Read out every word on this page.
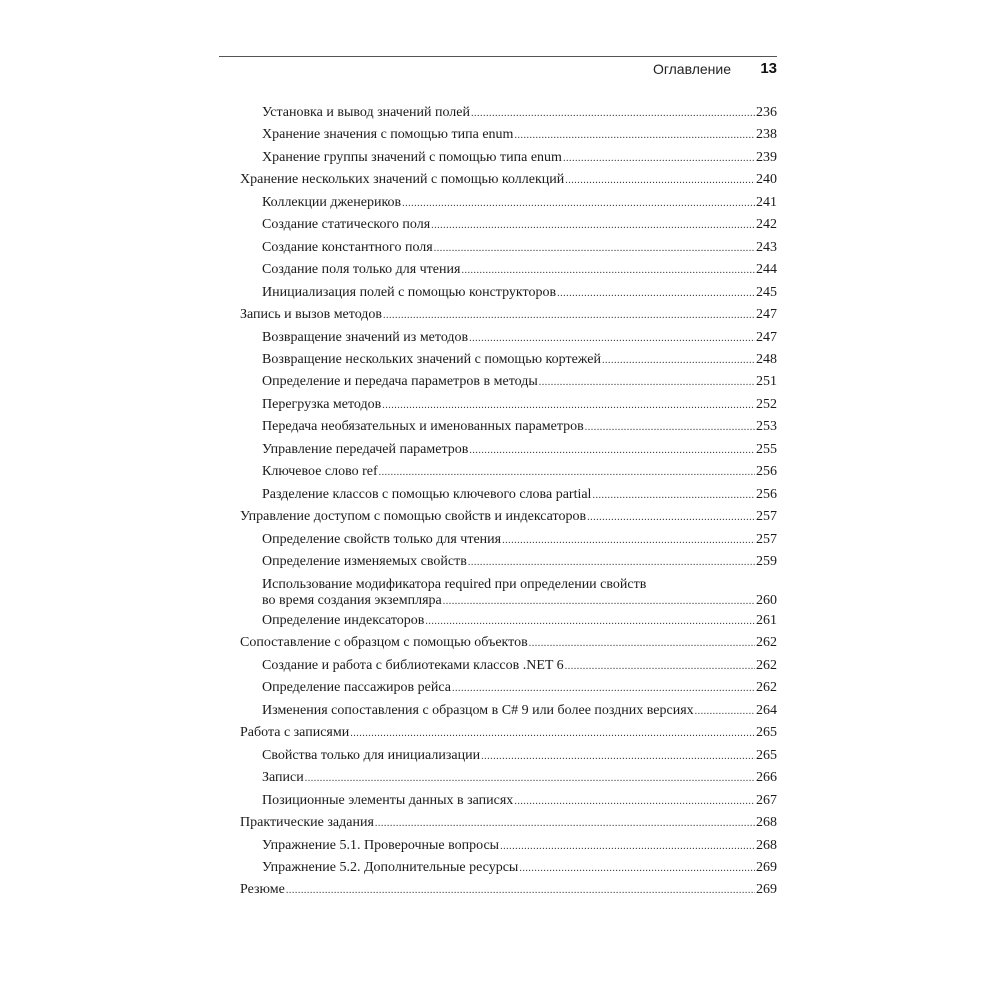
Оглавление 13
Установка и вывод значений полей .....	236
Хранение значения с помощью типа enum .....	238
Хранение группы значений с помощью типа enum .....	239
Хранение нескольких значений с помощью коллекций .....	240
Коллекции дженериков .....	241
Создание статического поля .....	242
Создание константного поля .....	243
Создание поля только для чтения .....	244
Инициализация полей с помощью конструкторов .....	245
Запись и вызов методов .....	247
Возвращение значений из методов .....	247
Возвращение нескольких значений с помощью кортежей .....	248
Определение и передача параметров в методы .....	251
Перегрузка методов .....	252
Передача необязательных и именованных параметров .....	253
Управление передачей параметров .....	255
Ключевое слово ref .....	256
Разделение классов с помощью ключевого слова partial .....	256
Управление доступом с помощью свойств и индексаторов .....	257
Определение свойств только для чтения .....	257
Определение изменяемых свойств .....	259
Использование модификатора required при определении свойств
во время создания экземпляра .....	260
Определение индексаторов .....	261
Сопоставление с образцом с помощью объектов .....	262
Создание и работа с библиотеками классов .NET 6 .....	262
Определение пассажиров рейса .....	262
Изменения сопоставления с образцом в C# 9 или более поздних версиях .....	264
Работа с записями .....	265
Свойства только для инициализации .....	265
Записи .....	266
Позиционные элементы данных в записях .....	267
Практические задания .....	268
Упражнение 5.1. Проверочные вопросы .....	268
Упражнение 5.2. Дополнительные ресурсы .....	269
Резюме .....	269
